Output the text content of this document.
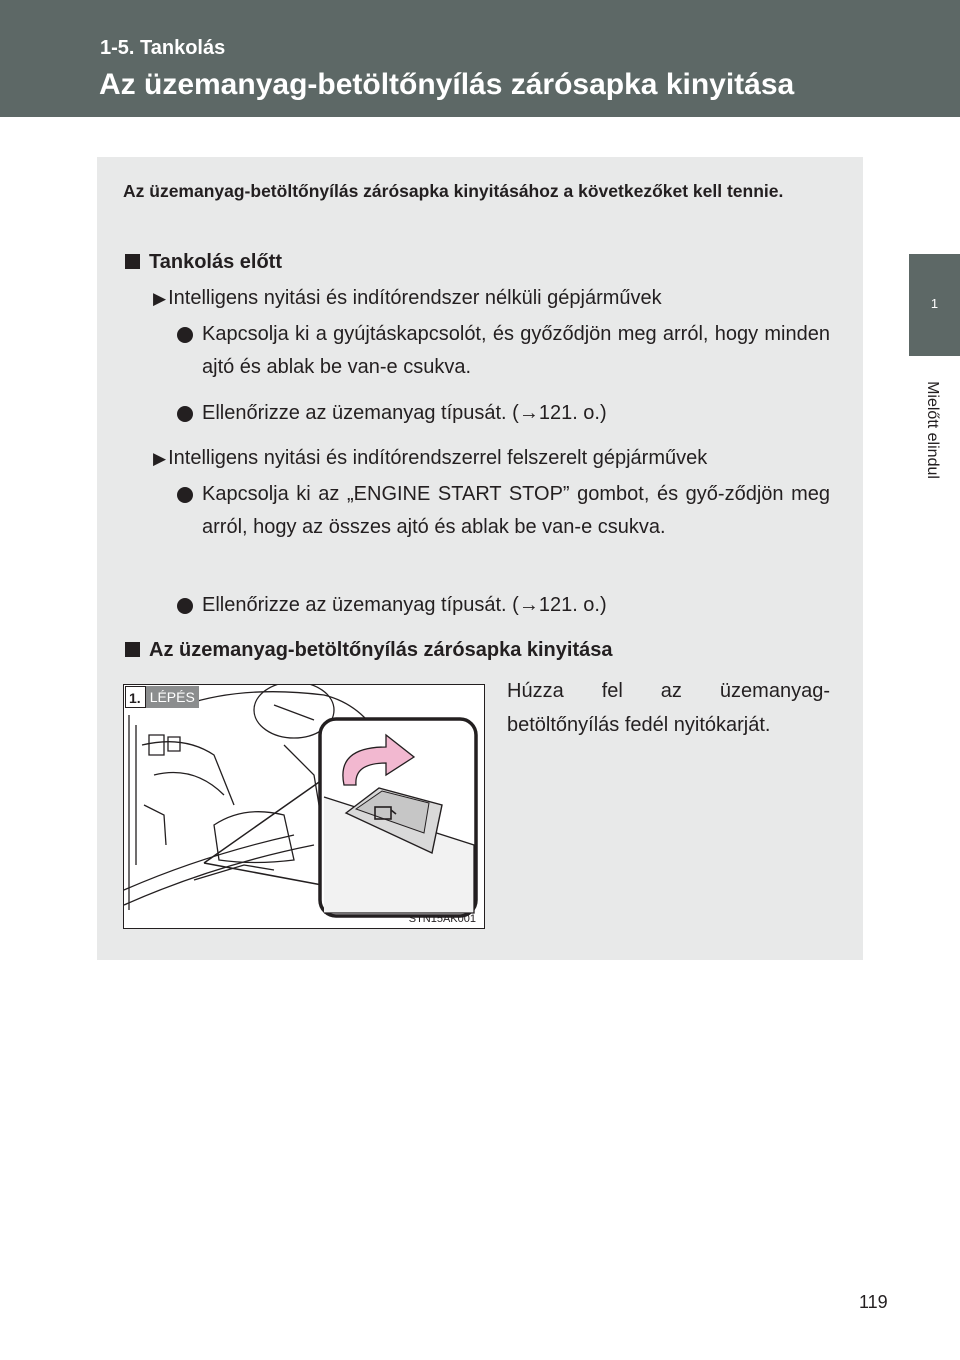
1-5. Tankolás
Az üzemanyag-betöltőnyílás zárósapka kinyitása
1
Mielőtt elindul
Az üzemanyag-betöltőnyílás zárósapka kinyitásához a következőket kell tennie.
Tankolás előtt
▶ Intelligens nyitási és indítórendszer nélküli gépjárművek
Kapcsolja ki a gyújtáskapcsolót, és győződjön meg arról, hogy minden ajtó és ablak be van-e csukva.
Ellenőrizze az üzemanyag típusát. (→121. o.)
▶ Intelligens nyitási és indítórendszerrel felszerelt gépjárművek
Kapcsolja ki az „ENGINE START STOP” gombot, és győ-ződjön meg arról, hogy az összes ajtó és ablak be van-e csukva.
Ellenőrizze az üzemanyag típusát. (→121. o.)
Az üzemanyag-betöltőnyílás zárósapka kinyitása
1. LÉPÉS
STN15AK001
Húzza fel az üzemanyag-betöltőnyílás fedél nyitókarját.
119
